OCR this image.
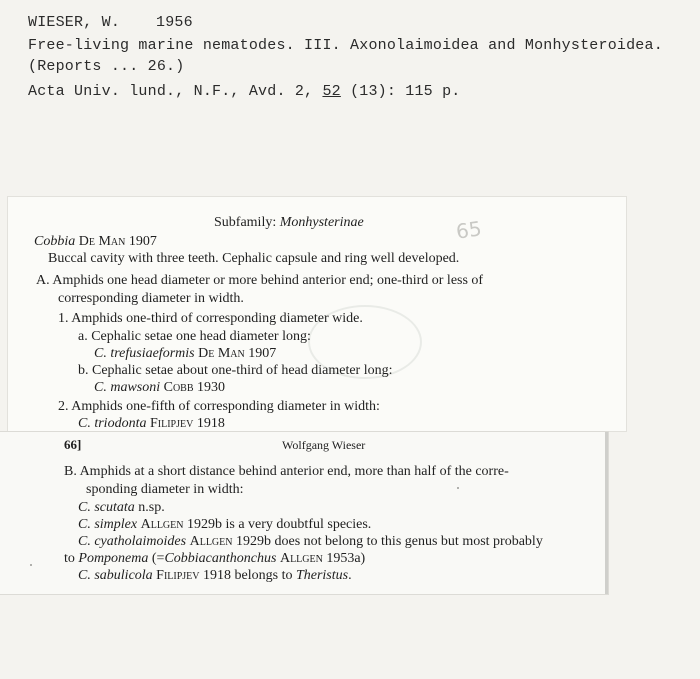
WIESER, W. 1956
Free-living marine nematodes. III. Axonolaimoidea and Monhysteroidea.
(Reports ... 26.)
Acta Univ. lund., N.F., Avd. 2, 52 (13): 115 p.
Subfamily: Monhysterinae	65
Cobbia De Man 1907
Buccal cavity with three teeth. Cephalic capsule and ring well developed.
A. Amphids one head diameter or more behind anterior end; one-third or less of
corresponding diameter in width.
1. Amphids one-third of corresponding diameter wide.
a. Cephalic setae one head diameter long:
C. trefusiaeformis De Man 1907
b. Cephalic setae about one-third of head diameter long:
C. mawsoni Cobb 1930
2. Amphids one-fifth of corresponding diameter in width:
C. triodonta Filipjev 1918
66]	Wolfgang Wieser
B. Amphids at a short distance behind anterior end, more than half of the corre-
sponding diameter in width:
C. scutata n.sp.
C. simplex Allgen 1929b is a very doubtful species.
C. cyatholaimoides Allgen 1929b does not belong to this genus but most probably
to Pomponema (=Cobbiacanthonchus Allgen 1953a)
C. sabulicola Filipjev 1918 belongs to Theristus.
